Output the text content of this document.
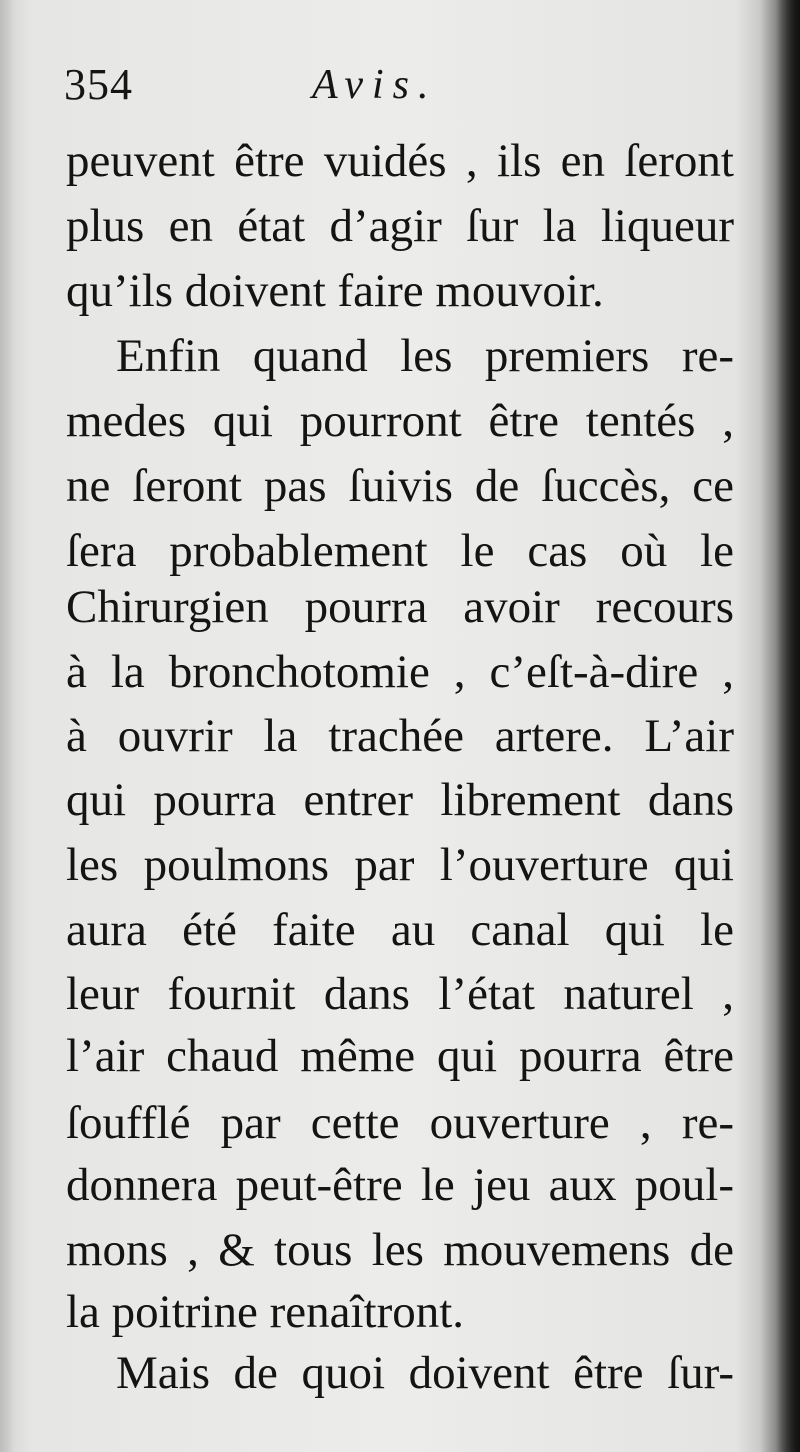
354	Avis.
peuvent être vuidés , ils en ſeront
plus en état d’agir ſur la liqueur
qu’ils doivent faire mouvoir.
Enfin quand les premiers re-
medes qui pourront être tentés ,
ne ſeront pas ſuivis de ſuccès, ce
ſera probablement le cas où le
Chirurgien pourra avoir recours
à la bronchotomie , c’eſt-à-dire ,
à ouvrir la trachée artere. L’air
qui pourra entrer librement dans
les poulmons par l’ouverture qui
aura été faite au canal qui le
leur fournit dans l’état naturel ,
l’air chaud même qui pourra être
ſoufflé par cette ouverture , re-
donnera peut-être le jeu aux poul-
mons , & tous les mouvemens de
la poitrine renaîtront.
Mais de quoi doivent être ſur-
